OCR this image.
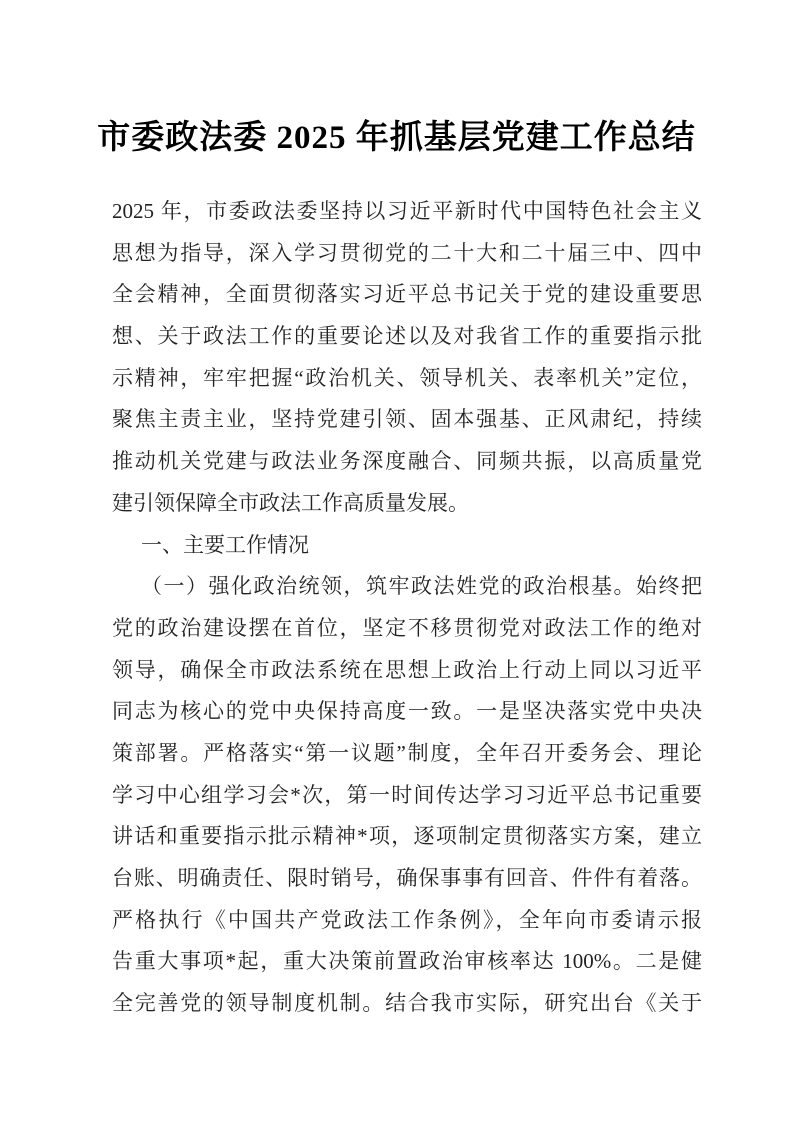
市委政法委 2025 年抓基层党建工作总结
2025 年，市委政法委坚持以习近平新时代中国特色社会主义
思想为指导，深入学习贯彻党的二十大和二十届三中、四中
全会精神，全面贯彻落实习近平总书记关于党的建设重要思
想、关于政法工作的重要论述以及对我省工作的重要指示批
示精神，牢牢把握“政治机关、领导机关、表率机关”定位，
聚焦主责主业，坚持党建引领、固本强基、正风肃纪，持续
推动机关党建与政法业务深度融合、同频共振，以高质量党
建引领保障全市政法工作高质量发展。
一、主要工作情况
（一）强化政治统领，筑牢政法姓党的政治根基。始终把
党的政治建设摆在首位，坚定不移贯彻党对政法工作的绝对
领导，确保全市政法系统在思想上政治上行动上同以习近平
同志为核心的党中央保持高度一致。一是坚决落实党中央决
策部署。严格落实“第一议题”制度，全年召开委务会、理论
学习中心组学习会*次，第一时间传达学习习近平总书记重要
讲话和重要指示批示精神*项，逐项制定贯彻落实方案，建立
台账、明确责任、限时销号，确保事事有回音、件件有着落。
严格执行《中国共产党政法工作条例》，全年向市委请示报
告重大事项*起，重大决策前置政治审核率达 100%。二是健
全完善党的领导制度机制。结合我市实际，研究出台《关于
